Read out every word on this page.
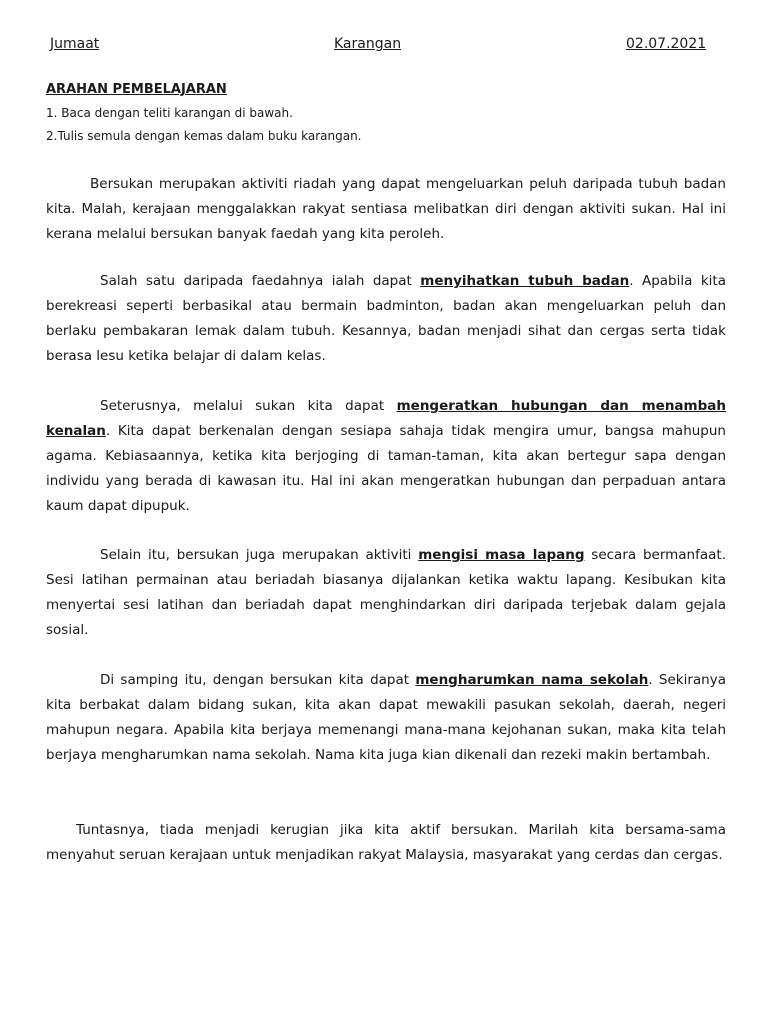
Jumaat	Karangan	02.07.2021
ARAHAN PEMBELAJARAN
1. Baca dengan teliti karangan di bawah.
2.Tulis semula dengan kemas dalam buku karangan.

Bersukan merupakan aktiviti riadah yang dapat mengeluarkan peluh daripada tubuh badan kita. Malah, kerajaan menggalakkan rakyat sentiasa melibatkan diri dengan aktiviti sukan. Hal ini kerana melalui bersukan banyak faedah yang kita peroleh.

Salah satu daripada faedahnya ialah dapat menyihatkan tubuh badan. Apabila kita berekreasi seperti berbasikal atau bermain badminton, badan akan mengeluarkan peluh dan berlaku pembakaran lemak dalam tubuh. Kesannya, badan menjadi sihat dan cergas serta tidak berasa lesu ketika belajar di dalam kelas.

Seterusnya, melalui sukan kita dapat mengeratkan hubungan dan menambah kenalan. Kita dapat berkenalan dengan sesiapa sahaja tidak mengira umur, bangsa mahupun agama. Kebiasaannya, ketika kita berjoging di taman-taman, kita akan bertegur sapa dengan individu yang berada di kawasan itu. Hal ini akan mengeratkan hubungan dan perpaduan antara kaum dapat dipupuk.

Selain itu, bersukan juga merupakan aktiviti mengisi masa lapang secara bermanfaat. Sesi latihan permainan atau beriadah biasanya dijalankan ketika waktu lapang. Kesibukan kita menyertai sesi latihan dan beriadah dapat menghindarkan diri daripada terjebak dalam gejala sosial.

Di samping itu, dengan bersukan kita dapat mengharumkan nama sekolah. Sekiranya kita berbakat dalam bidang sukan, kita akan dapat mewakili pasukan sekolah, daerah, negeri mahupun negara. Apabila kita berjaya memenangi mana-mana kejohanan sukan, maka kita telah berjaya mengharumkan nama sekolah. Nama kita juga kian dikenali dan rezeki makin bertambah.

Tuntasnya, tiada menjadi kerugian jika kita aktif bersukan. Marilah kita bersama-sama menyahut seruan kerajaan untuk menjadikan rakyat Malaysia, masyarakat yang cerdas dan cergas.
